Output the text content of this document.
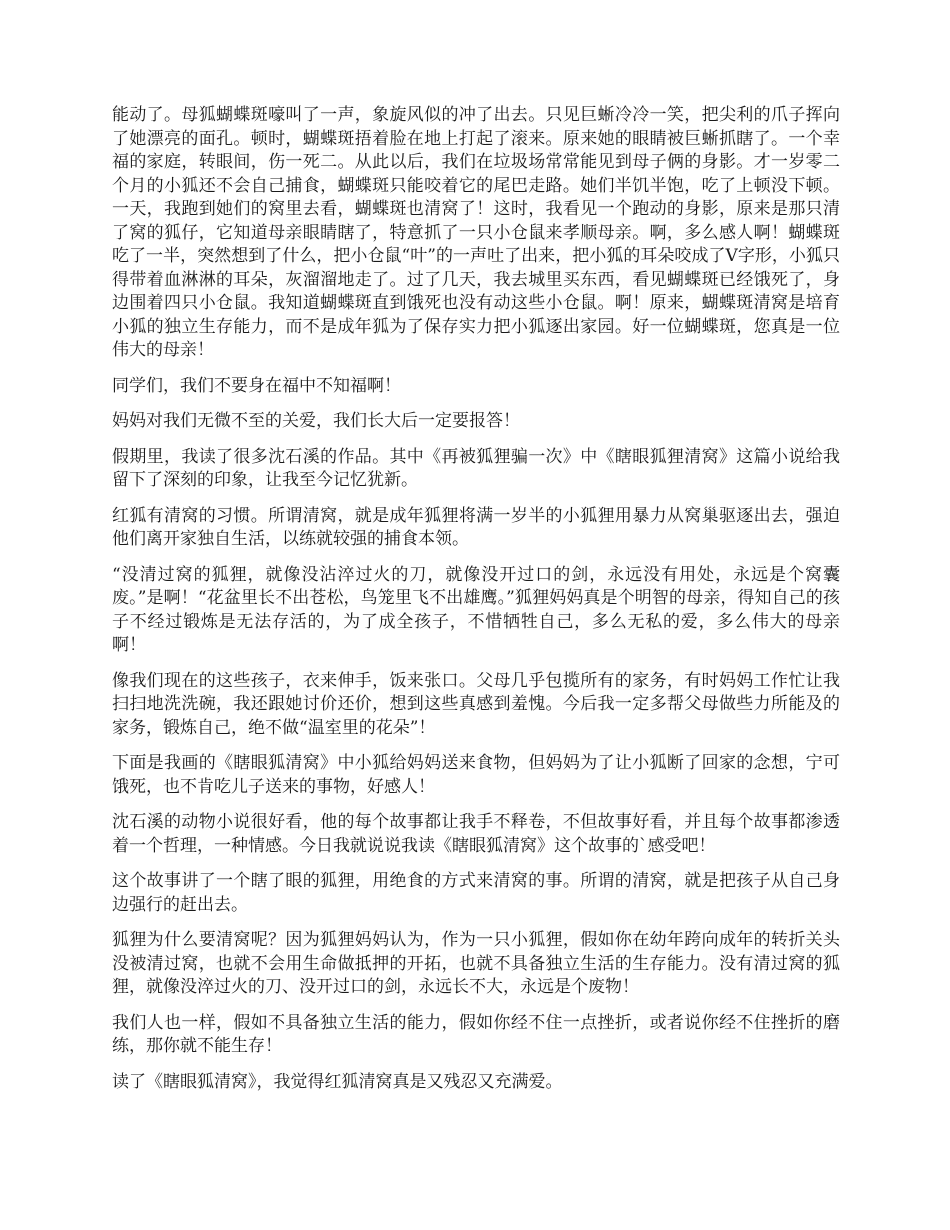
能动了。母狐蝴蝶斑嚎叫了一声，象旋风似的冲了出去。只见巨蜥冷冷一笑，把尖利的爪子挥向了她漂亮的面孔。顿时，蝴蝶斑捂着脸在地上打起了滚来。原来她的眼睛被巨蜥抓瞎了。一个幸福的家庭，转眼间，伤一死二。从此以后，我们在垃圾场常常能见到母子俩的身影。才一岁零二个月的小狐还不会自己捕食，蝴蝶斑只能咬着它的尾巴走路。她们半饥半饱，吃了上顿没下顿。一天，我跑到她们的窝里去看，蝴蝶斑也清窝了！这时，我看见一个跑动的身影，原来是那只清了窝的狐仔，它知道母亲眼睛瞎了，特意抓了一只小仓鼠来孝顺母亲。啊，多么感人啊！蝴蝶斑吃了一半，突然想到了什么，把小仓鼠“叶”的一声吐了出来，把小狐的耳朵咬成了V字形，小狐只得带着血淋淋的耳朵，灰溜溜地走了。过了几天，我去城里买东西，看见蝴蝶斑已经饿死了，身边围着四只小仓鼠。我知道蝴蝶斑直到饿死也没有动这些小仓鼠。啊！原来，蝴蝶斑清窝是培育小狐的独立生存能力，而不是成年狐为了保存实力把小狐逐出家园。好一位蝴蝶斑，您真是一位伟大的母亲！

同学们，我们不要身在福中不知福啊！

妈妈对我们无微不至的关爱，我们长大后一定要报答！

假期里，我读了很多沈石溪的作品。其中《再被狐狸骗一次》中《瞎眼狐狸清窝》这篇小说给我留下了深刻的印象，让我至今记忆犹新。

红狐有清窝的习惯。所谓清窝，就是成年狐狸将满一岁半的小狐狸用暴力从窝巢驱逐出去，强迫他们离开家独自生活，以练就较强的捕食本领。

“没清过窝的狐狸，就像没沾淬过火的刀，就像没开过口的剑，永远没有用处，永远是个窝囊废。”是啊！“花盆里长不出苍松，鸟笼里飞不出雄鹰。”狐狸妈妈真是个明智的母亲，得知自己的孩子不经过锻炼是无法存活的，为了成全孩子，不惜牺牲自己，多么无私的爱，多么伟大的母亲啊！

像我们现在的这些孩子，衣来伸手，饭来张口。父母几乎包揽所有的家务，有时妈妈工作忙让我扫扫地洗洗碗，我还跟她讨价还价，想到这些真感到羞愧。今后我一定多帮父母做些力所能及的家务，锻炼自己，绝不做“温室里的花朵”！

下面是我画的《瞎眼狐清窝》中小狐给妈妈送来食物，但妈妈为了让小狐断了回家的念想，宁可饿死，也不肯吃儿子送来的事物，好感人！

沈石溪的动物小说很好看，他的每个故事都让我手不释卷，不但故事好看，并且每个故事都渗透着一个哲理，一种情感。今日我就说说我读《瞎眼狐清窝》这个故事的`感受吧！

这个故事讲了一个瞎了眼的狐狸，用绝食的方式来清窝的事。所谓的清窝，就是把孩子从自己身边强行的赶出去。

狐狸为什么要清窝呢？因为狐狸妈妈认为，作为一只小狐狸，假如你在幼年跨向成年的转折关头没被清过窝，也就不会用生命做抵押的开拓，也就不具备独立生活的生存能力。没有清过窝的狐狸，就像没淬过火的刀、没开过口的剑，永远长不大，永远是个废物！

我们人也一样，假如不具备独立生活的能力，假如你经不住一点挫折，或者说你经不住挫折的磨练，那你就不能生存！

读了《瞎眼狐清窝》，我觉得红狐清窝真是又残忍又充满爱。
